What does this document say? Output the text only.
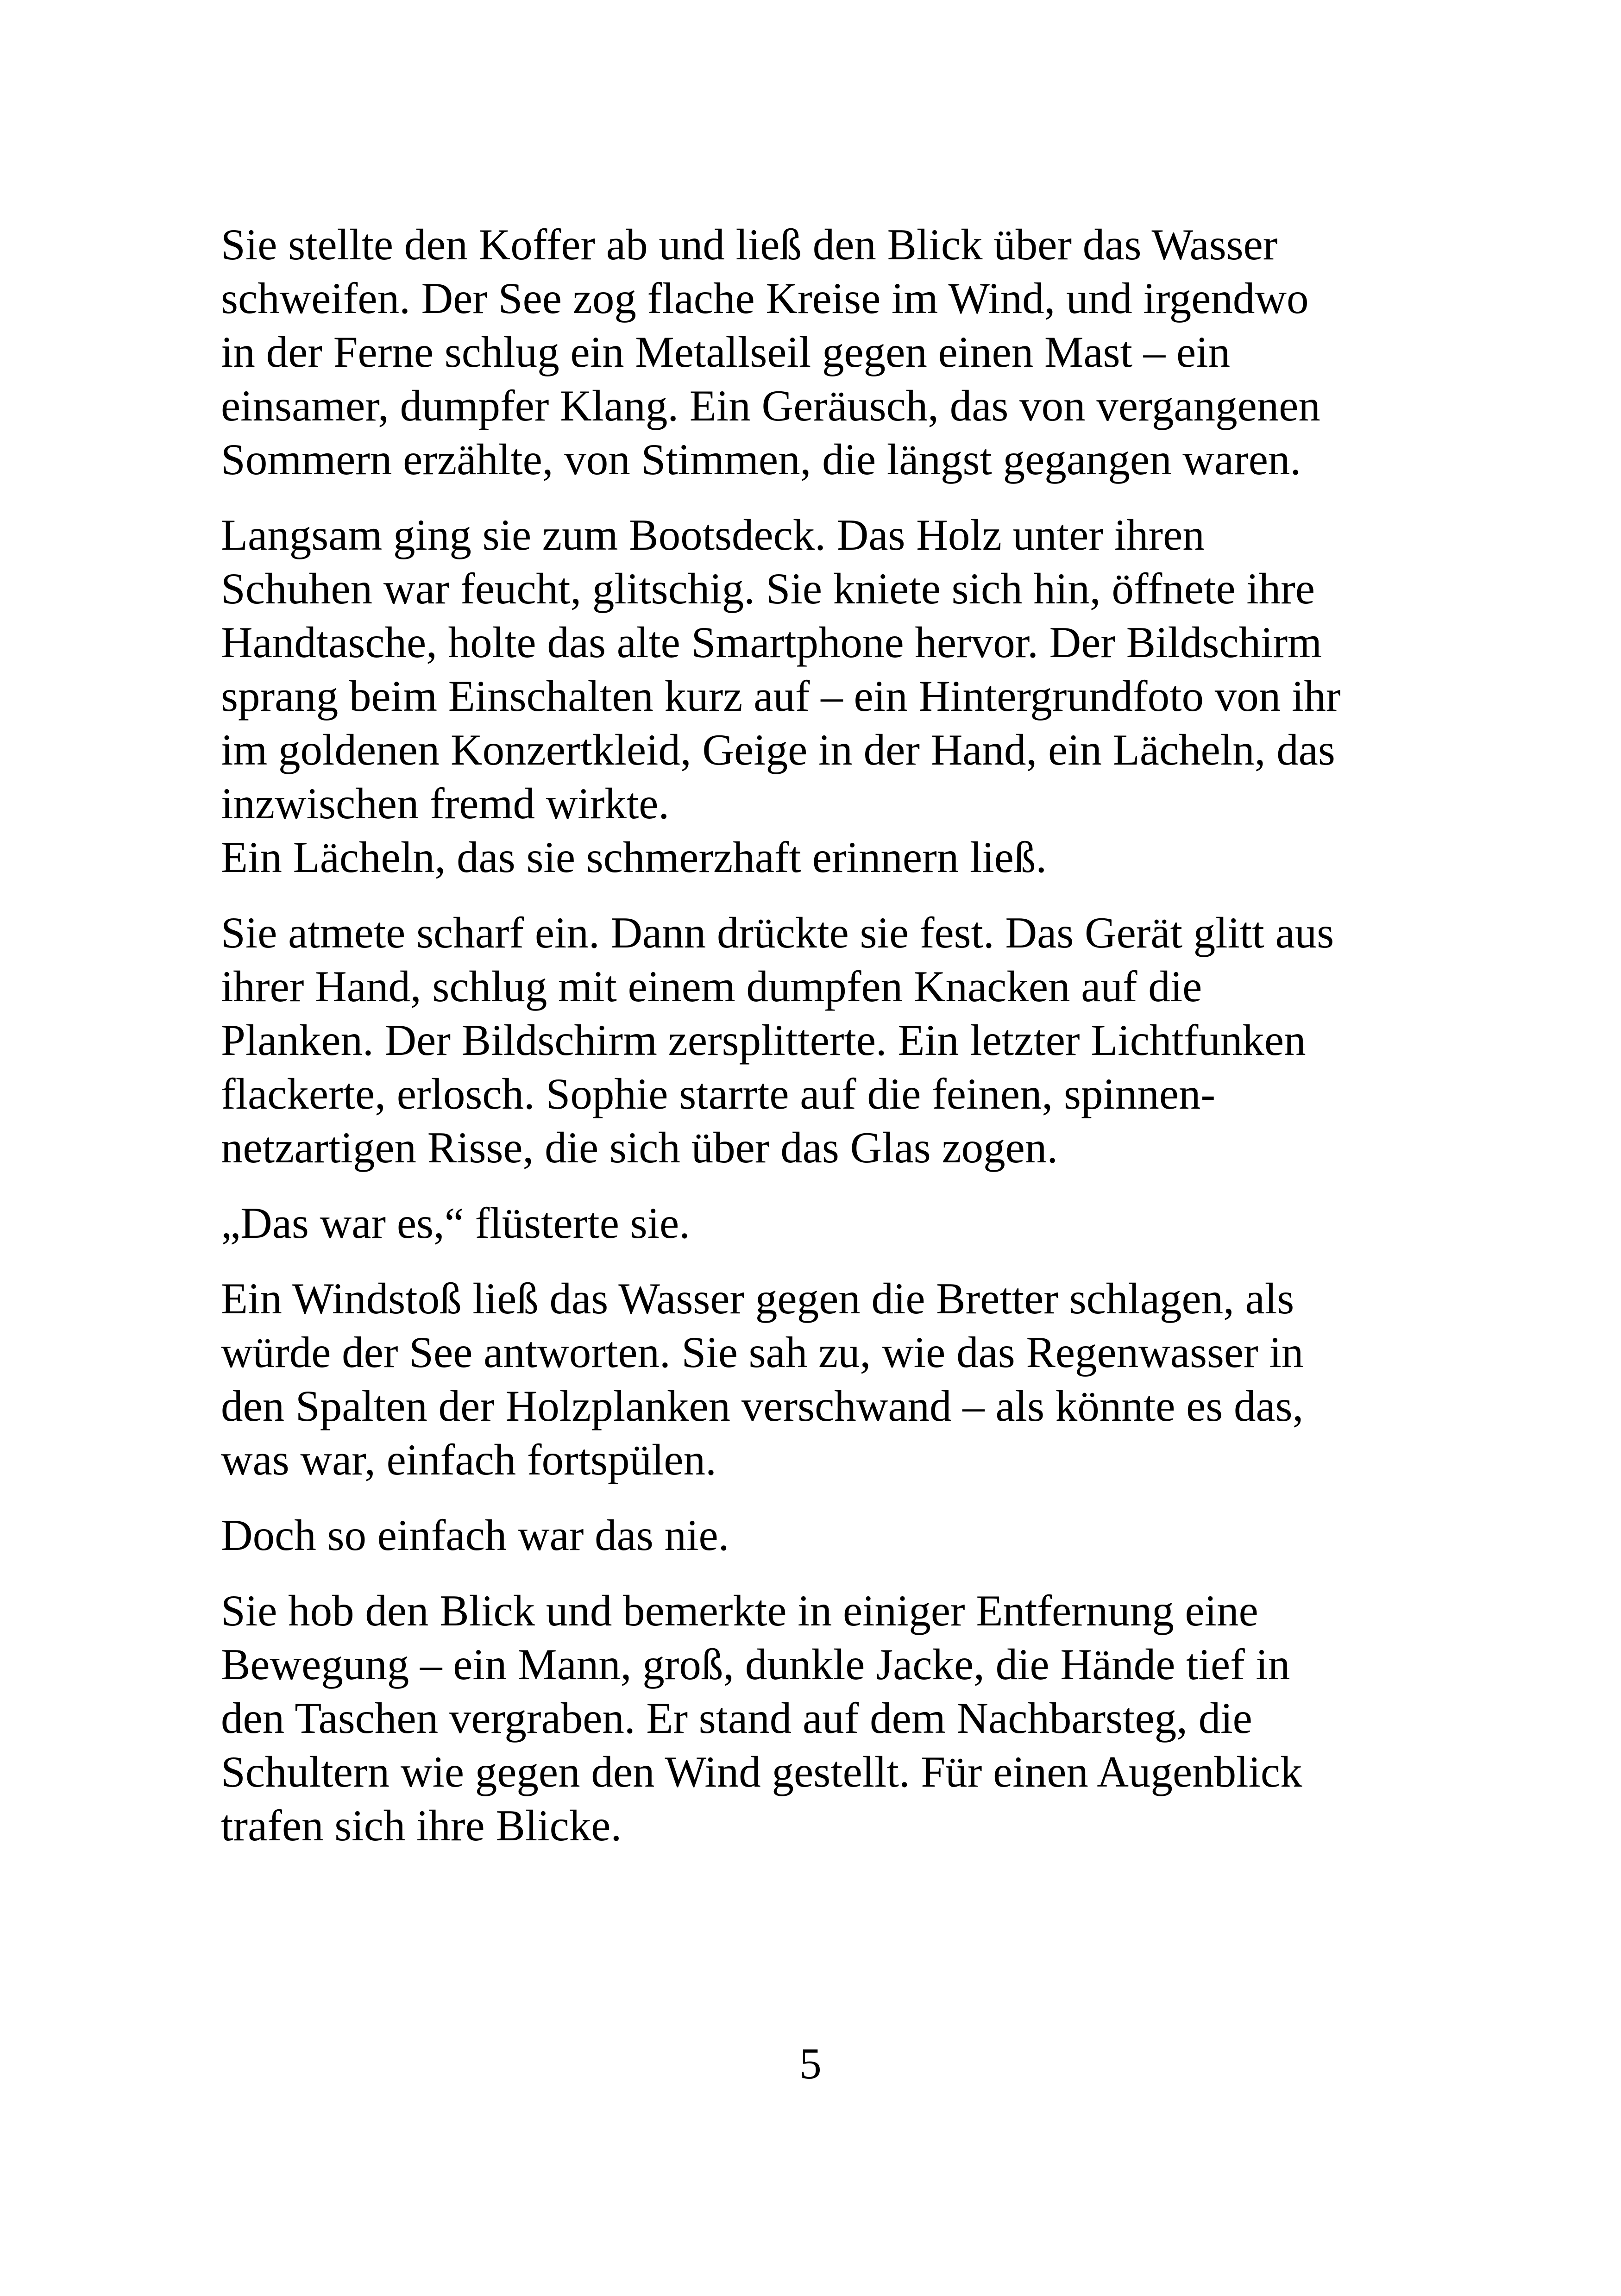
Sie stellte den Koffer ab und ließ den Blick über das Wasser
schweifen. Der See zog flache Kreise im Wind, und irgendwo
in der Ferne schlug ein Metallseil gegen einen Mast – ein
einsamer, dumpfer Klang. Ein Geräusch, das von vergangenen
Sommern erzählte, von Stimmen, die längst gegangen waren.

Langsam ging sie zum Bootsdeck. Das Holz unter ihren
Schuhen war feucht, glitschig. Sie kniete sich hin, öffnete ihre
Handtasche, holte das alte Smartphone hervor. Der Bildschirm
sprang beim Einschalten kurz auf – ein Hintergrundfoto von ihr
im goldenen Konzertkleid, Geige in der Hand, ein Lächeln, das
inzwischen fremd wirkte.
Ein Lächeln, das sie schmerzhaft erinnern ließ.

Sie atmete scharf ein. Dann drückte sie fest. Das Gerät glitt aus
ihrer Hand, schlug mit einem dumpfen Knacken auf die
Planken. Der Bildschirm zersplitterte. Ein letzter Lichtfunken
flackerte, erlosch. Sophie starrte auf die feinen, spinnen-
netzartigen Risse, die sich über das Glas zogen.

„Das war es,“ flüsterte sie.

Ein Windstoß ließ das Wasser gegen die Bretter schlagen, als
würde der See antworten. Sie sah zu, wie das Regenwasser in
den Spalten der Holzplanken verschwand – als könnte es das,
was war, einfach fortspülen.

Doch so einfach war das nie.

Sie hob den Blick und bemerkte in einiger Entfernung eine
Bewegung – ein Mann, groß, dunkle Jacke, die Hände tief in
den Taschen vergraben. Er stand auf dem Nachbarsteg, die
Schultern wie gegen den Wind gestellt. Für einen Augenblick
trafen sich ihre Blicke.

5
